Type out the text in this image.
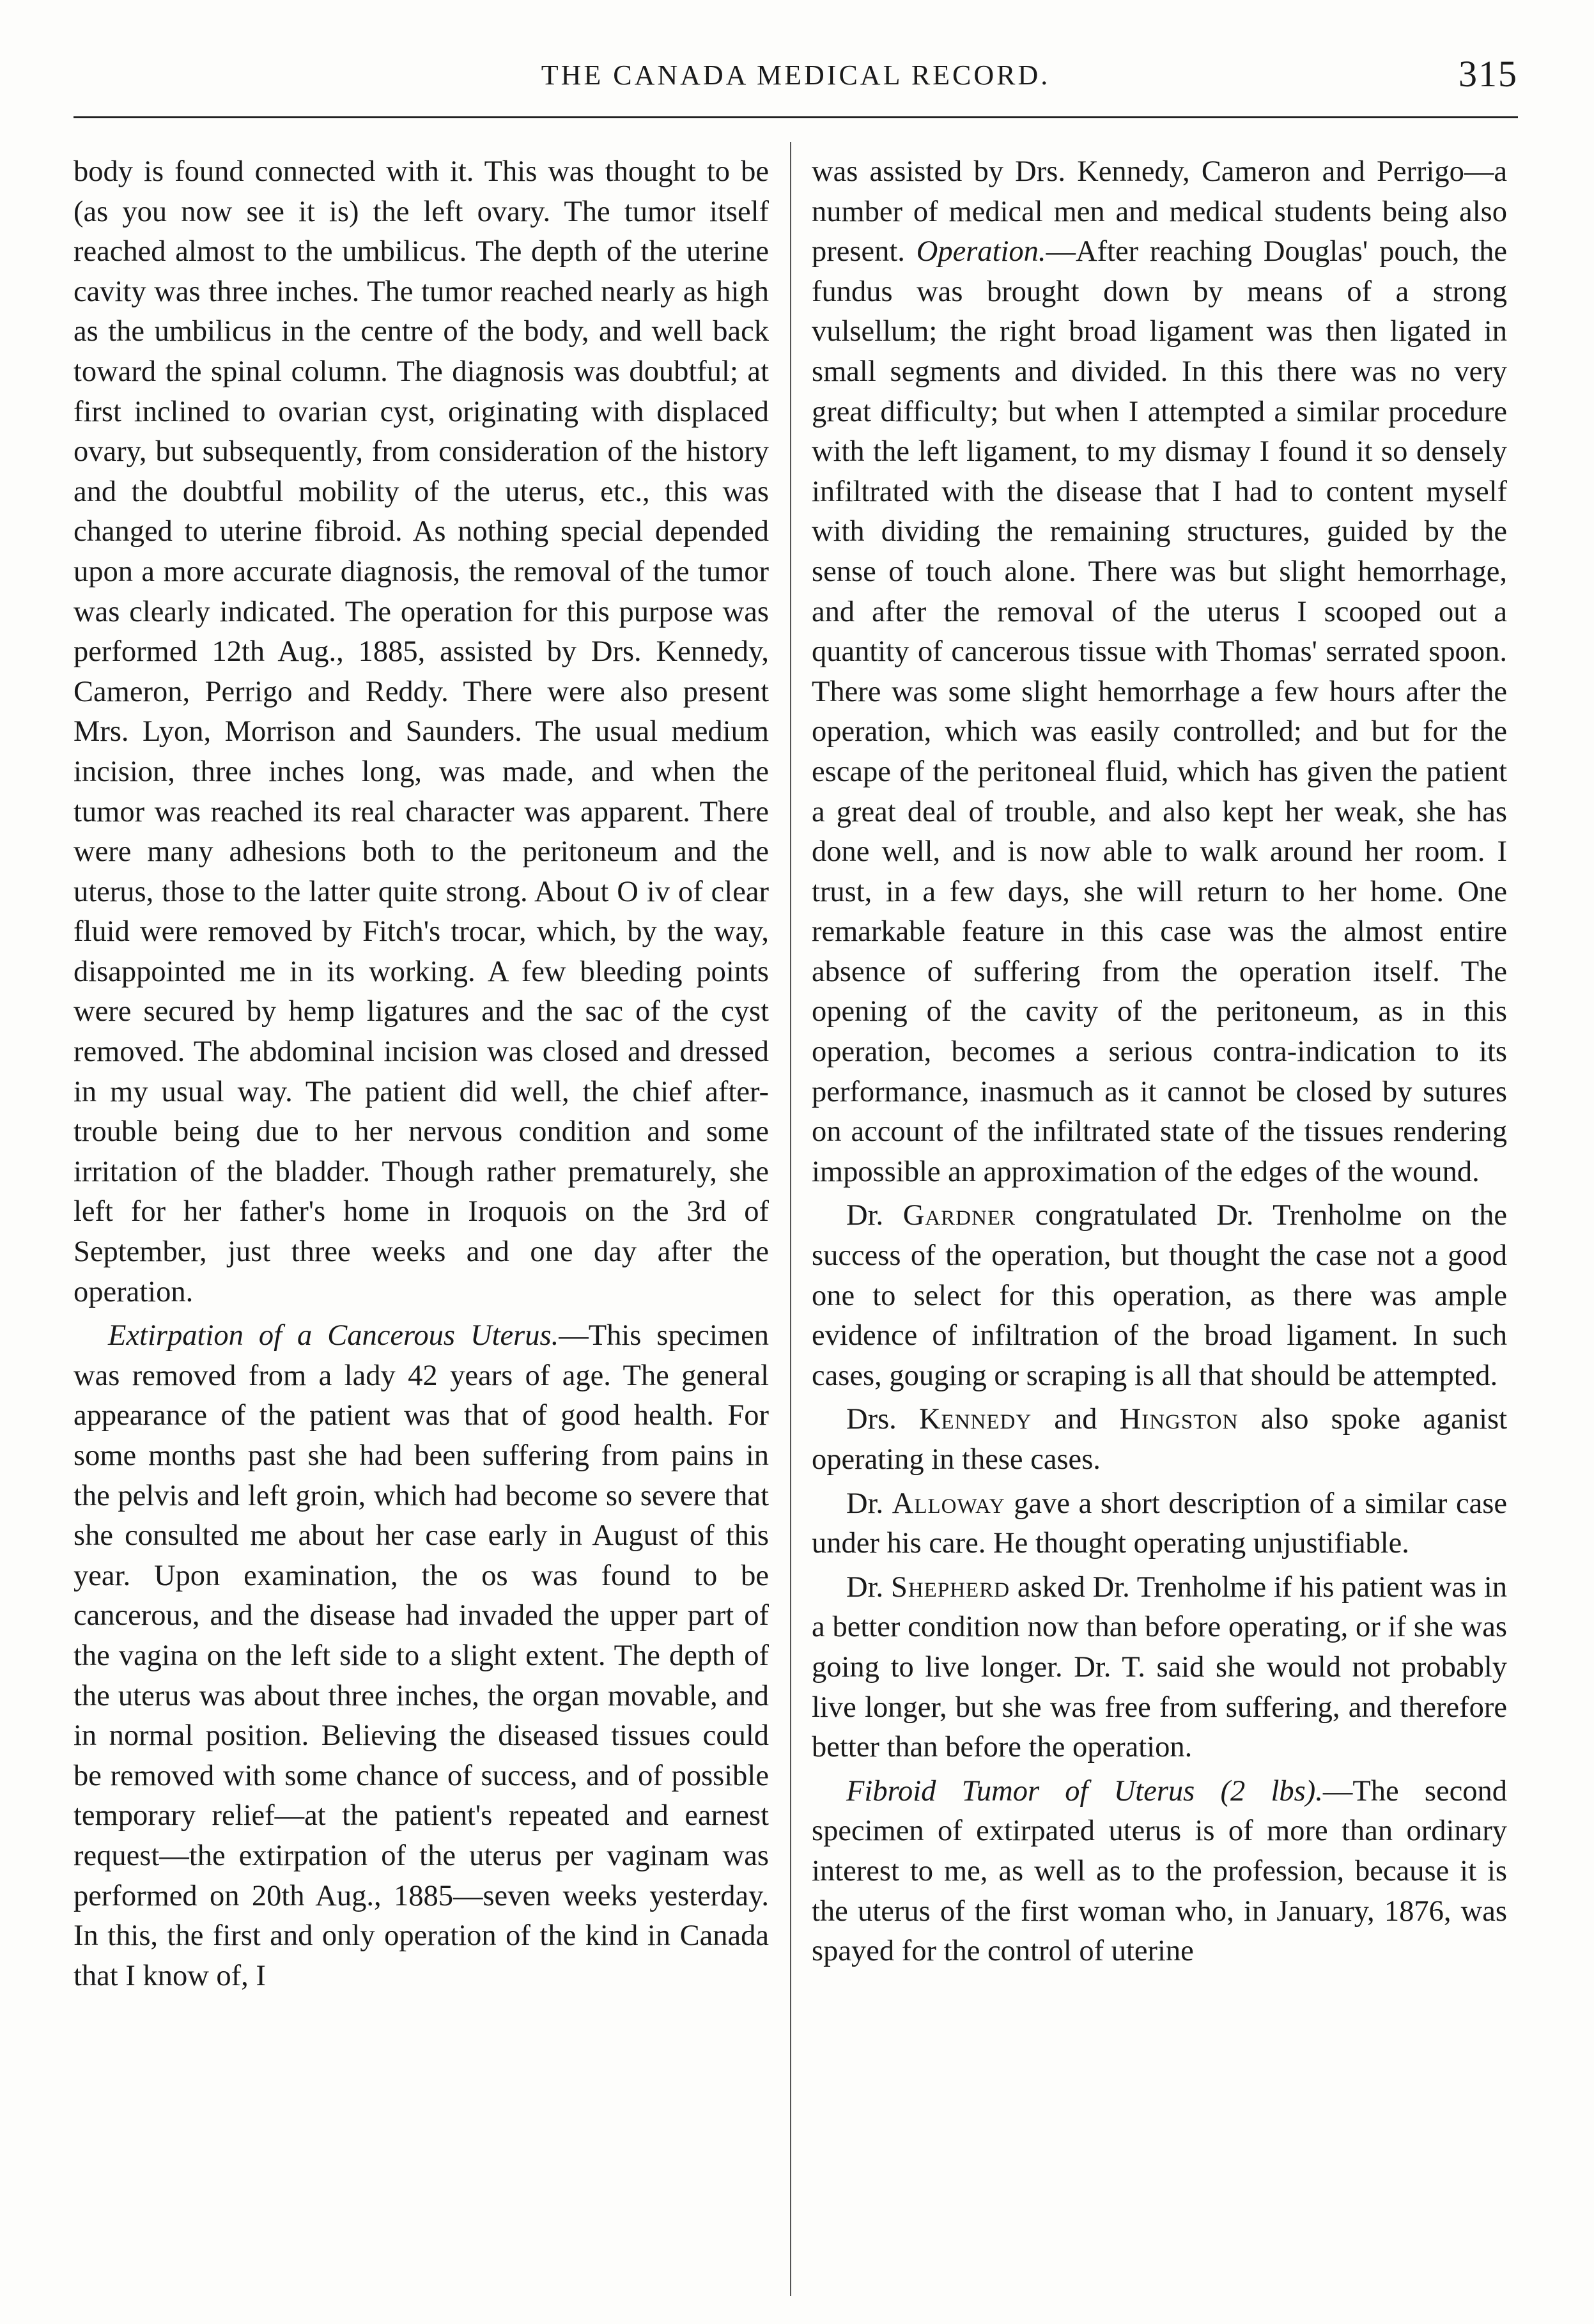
THE CANADA MEDICAL RECORD.	315

body is found connected with it. This was thought to be (as you now see it is) the left ovary. The tumor itself reached almost to the umbilicus. The depth of the uterine cavity was three inches. The tumor reached nearly as high as the umbilicus in the centre of the body, and well back toward the spinal column. The diagnosis was doubtful; at first inclined to ovarian cyst, originating with displaced ovary, but subsequently, from consideration of the history and the doubtful mobility of the uterus, etc., this was changed to uterine fibroid. As nothing special depended upon a more accurate diagnosis, the removal of the tumor was clearly indicated. The operation for this purpose was performed 12th Aug., 1885, assisted by Drs. Kennedy, Cameron, Perrigo and Reddy. There were also present Mrs. Lyon, Morrison and Saunders. The usual medium incision, three inches long, was made, and when the tumor was reached its real character was apparent. There were many adhesions both to the peritoneum and the uterus, those to the latter quite strong. About O iv of clear fluid were removed by Fitch's trocar, which, by the way, disappointed me in its working. A few bleeding points were secured by hemp ligatures and the sac of the cyst removed. The abdominal incision was closed and dressed in my usual way. The patient did well, the chief after-trouble being due to her nervous condition and some irritation of the bladder. Though rather prematurely, she left for her father's home in Iroquois on the 3rd of September, just three weeks and one day after the operation.

Extirpation of a Cancerous Uterus.—This specimen was removed from a lady 42 years of age. The general appearance of the patient was that of good health. For some months past she had been suffering from pains in the pelvis and left groin, which had become so severe that she consulted me about her case early in August of this year. Upon examination, the os was found to be cancerous, and the disease had invaded the upper part of the vagina on the left side to a slight extent. The depth of the uterus was about three inches, the organ movable, and in normal position. Believing the diseased tissues could be removed with some chance of success, and of possible temporary relief—at the patient's repeated and earnest request—the extirpation of the uterus per vaginam was performed on 20th Aug., 1885—seven weeks yesterday. In this, the first and only operation of the kind in Canada that I know of, I

was assisted by Drs. Kennedy, Cameron and Perrigo—a number of medical men and medical students being also present. Operation.—After reaching Douglas' pouch, the fundus was brought down by means of a strong vulsellum; the right broad ligament was then ligated in small segments and divided. In this there was no very great difficulty; but when I attempted a similar procedure with the left ligament, to my dismay I found it so densely infiltrated with the disease that I had to content myself with dividing the remaining structures, guided by the sense of touch alone. There was but slight hemorrhage, and after the removal of the uterus I scooped out a quantity of cancerous tissue with Thomas' serrated spoon. There was some slight hemorrhage a few hours after the operation, which was easily controlled; and but for the escape of the peritoneal fluid, which has given the patient a great deal of trouble, and also kept her weak, she has done well, and is now able to walk around her room. I trust, in a few days, she will return to her home. One remarkable feature in this case was the almost entire absence of suffering from the operation itself. The opening of the cavity of the peritoneum, as in this operation, becomes a serious contra-indication to its performance, inasmuch as it cannot be closed by sutures on account of the infiltrated state of the tissues rendering impossible an approximation of the edges of the wound.

Dr. Gardner congratulated Dr. Trenholme on the success of the operation, but thought the case not a good one to select for this operation, as there was ample evidence of infiltration of the broad ligament. In such cases, gouging or scraping is all that should be attempted.

Drs. Kennedy and Hingston also spoke aganist operating in these cases.

Dr. Alloway gave a short description of a similar case under his care. He thought operating unjustifiable.

Dr. Shepherd asked Dr. Trenholme if his patient was in a better condition now than before operating, or if she was going to live longer. Dr. T. said she would not probably live longer, but she was free from suffering, and therefore better than before the operation.

Fibroid Tumor of Uterus (2 lbs).—The second specimen of extirpated uterus is of more than ordinary interest to me, as well as to the profession, because it is the uterus of the first woman who, in January, 1876, was spayed for the control of uterine
